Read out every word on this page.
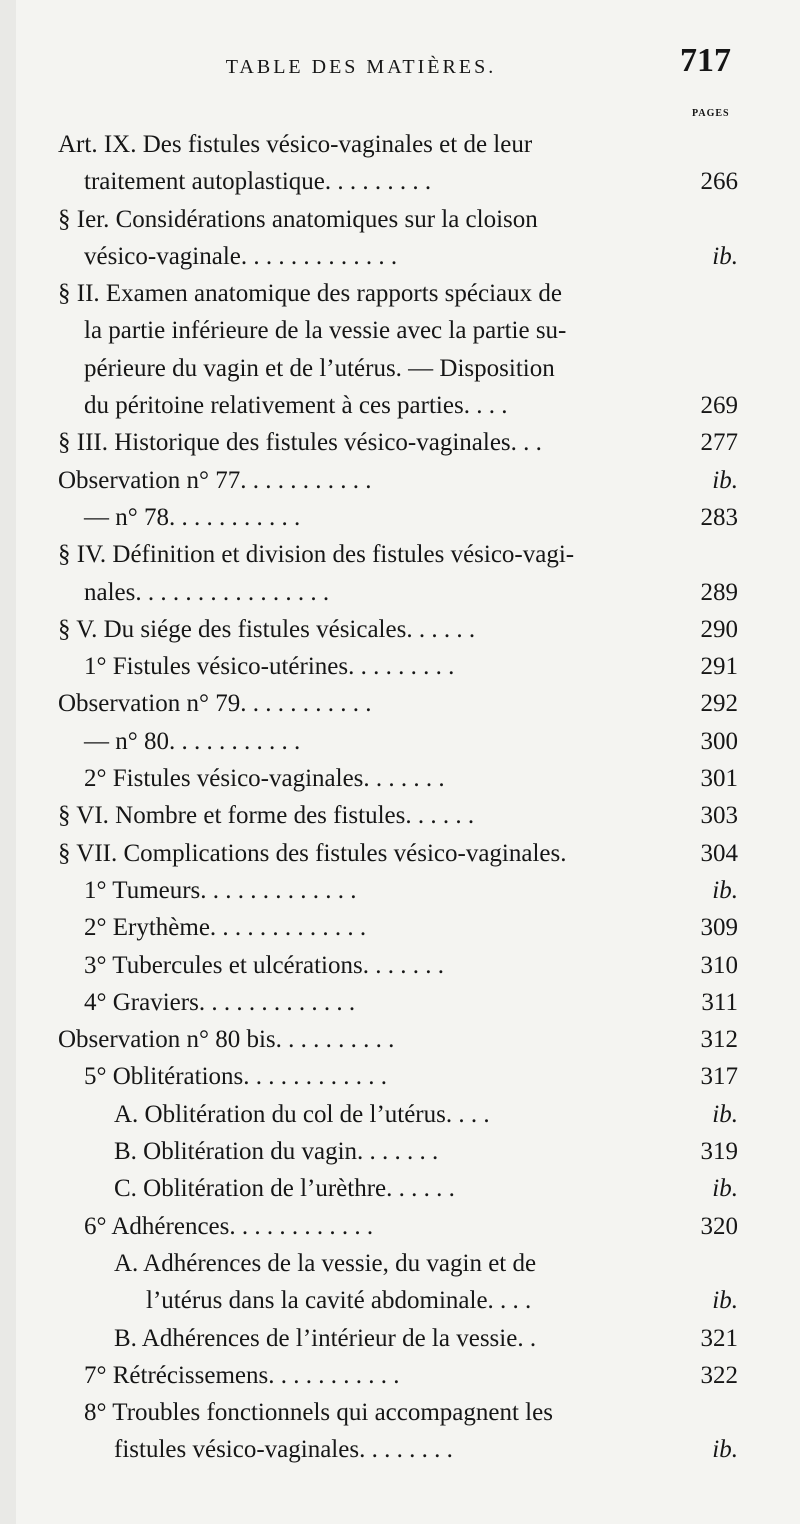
TABLE DES MATIÈRES.	717
PAGES
Art. IX. Des fistules vésico-vaginales et de leur
traitement autoplastique. . . . . . . . .	266
§ Ier. Considérations anatomiques sur la cloison
vésico-vaginale. . . . . . . . . . . . .	ib.
§ II. Examen anatomique des rapports spéciaux de
la partie inférieure de la vessie avec la partie su-
périeure du vagin et de l’utérus. — Disposition
du péritoine relativement à ces parties. . . .	269
§ III. Historique des fistules vésico-vaginales. . .	277
Observation n° 77. . . . . . . . . . .	ib.
— n° 78. . . . . . . . . . .	283
§ IV. Définition et division des fistules vésico-vagi-
nales. . . . . . . . . . . . . . . .	289
§ V. Du siége des fistules vésicales. . . . . .	290
1° Fistules vésico-utérines. . . . . . . . .	291
Observation n° 79. . . . . . . . . . .	292
— n° 80. . . . . . . . . . .	300
2° Fistules vésico-vaginales. . . . . . .	301
§ VI. Nombre et forme des fistules. . . . . .	303
§ VII. Complications des fistules vésico-vaginales.	304
1° Tumeurs. . . . . . . . . . . . .	ib.
2° Erythème. . . . . . . . . . . . .	309
3° Tubercules et ulcérations. . . . . . .	310
4° Graviers. . . . . . . . . . . . .	311
Observation n° 80 bis. . . . . . . . . .	312
5° Oblitérations. . . . . . . . . . . .	317
A. Oblitération du col de l’utérus. . . .	ib.
B. Oblitération du vagin. . . . . . .	319
C. Oblitération de l’urèthre. . . . . .	ib.
6° Adhérences. . . . . . . . . . . .	320
A. Adhérences de la vessie, du vagin et de
l’utérus dans la cavité abdominale. . . .	ib.
B. Adhérences de l’intérieur de la vessie. .	321
7° Rétrécissemens. . . . . . . . . . .	322
8° Troubles fonctionnels qui accompagnent les
fistules vésico-vaginales. . . . . . . .	ib.
